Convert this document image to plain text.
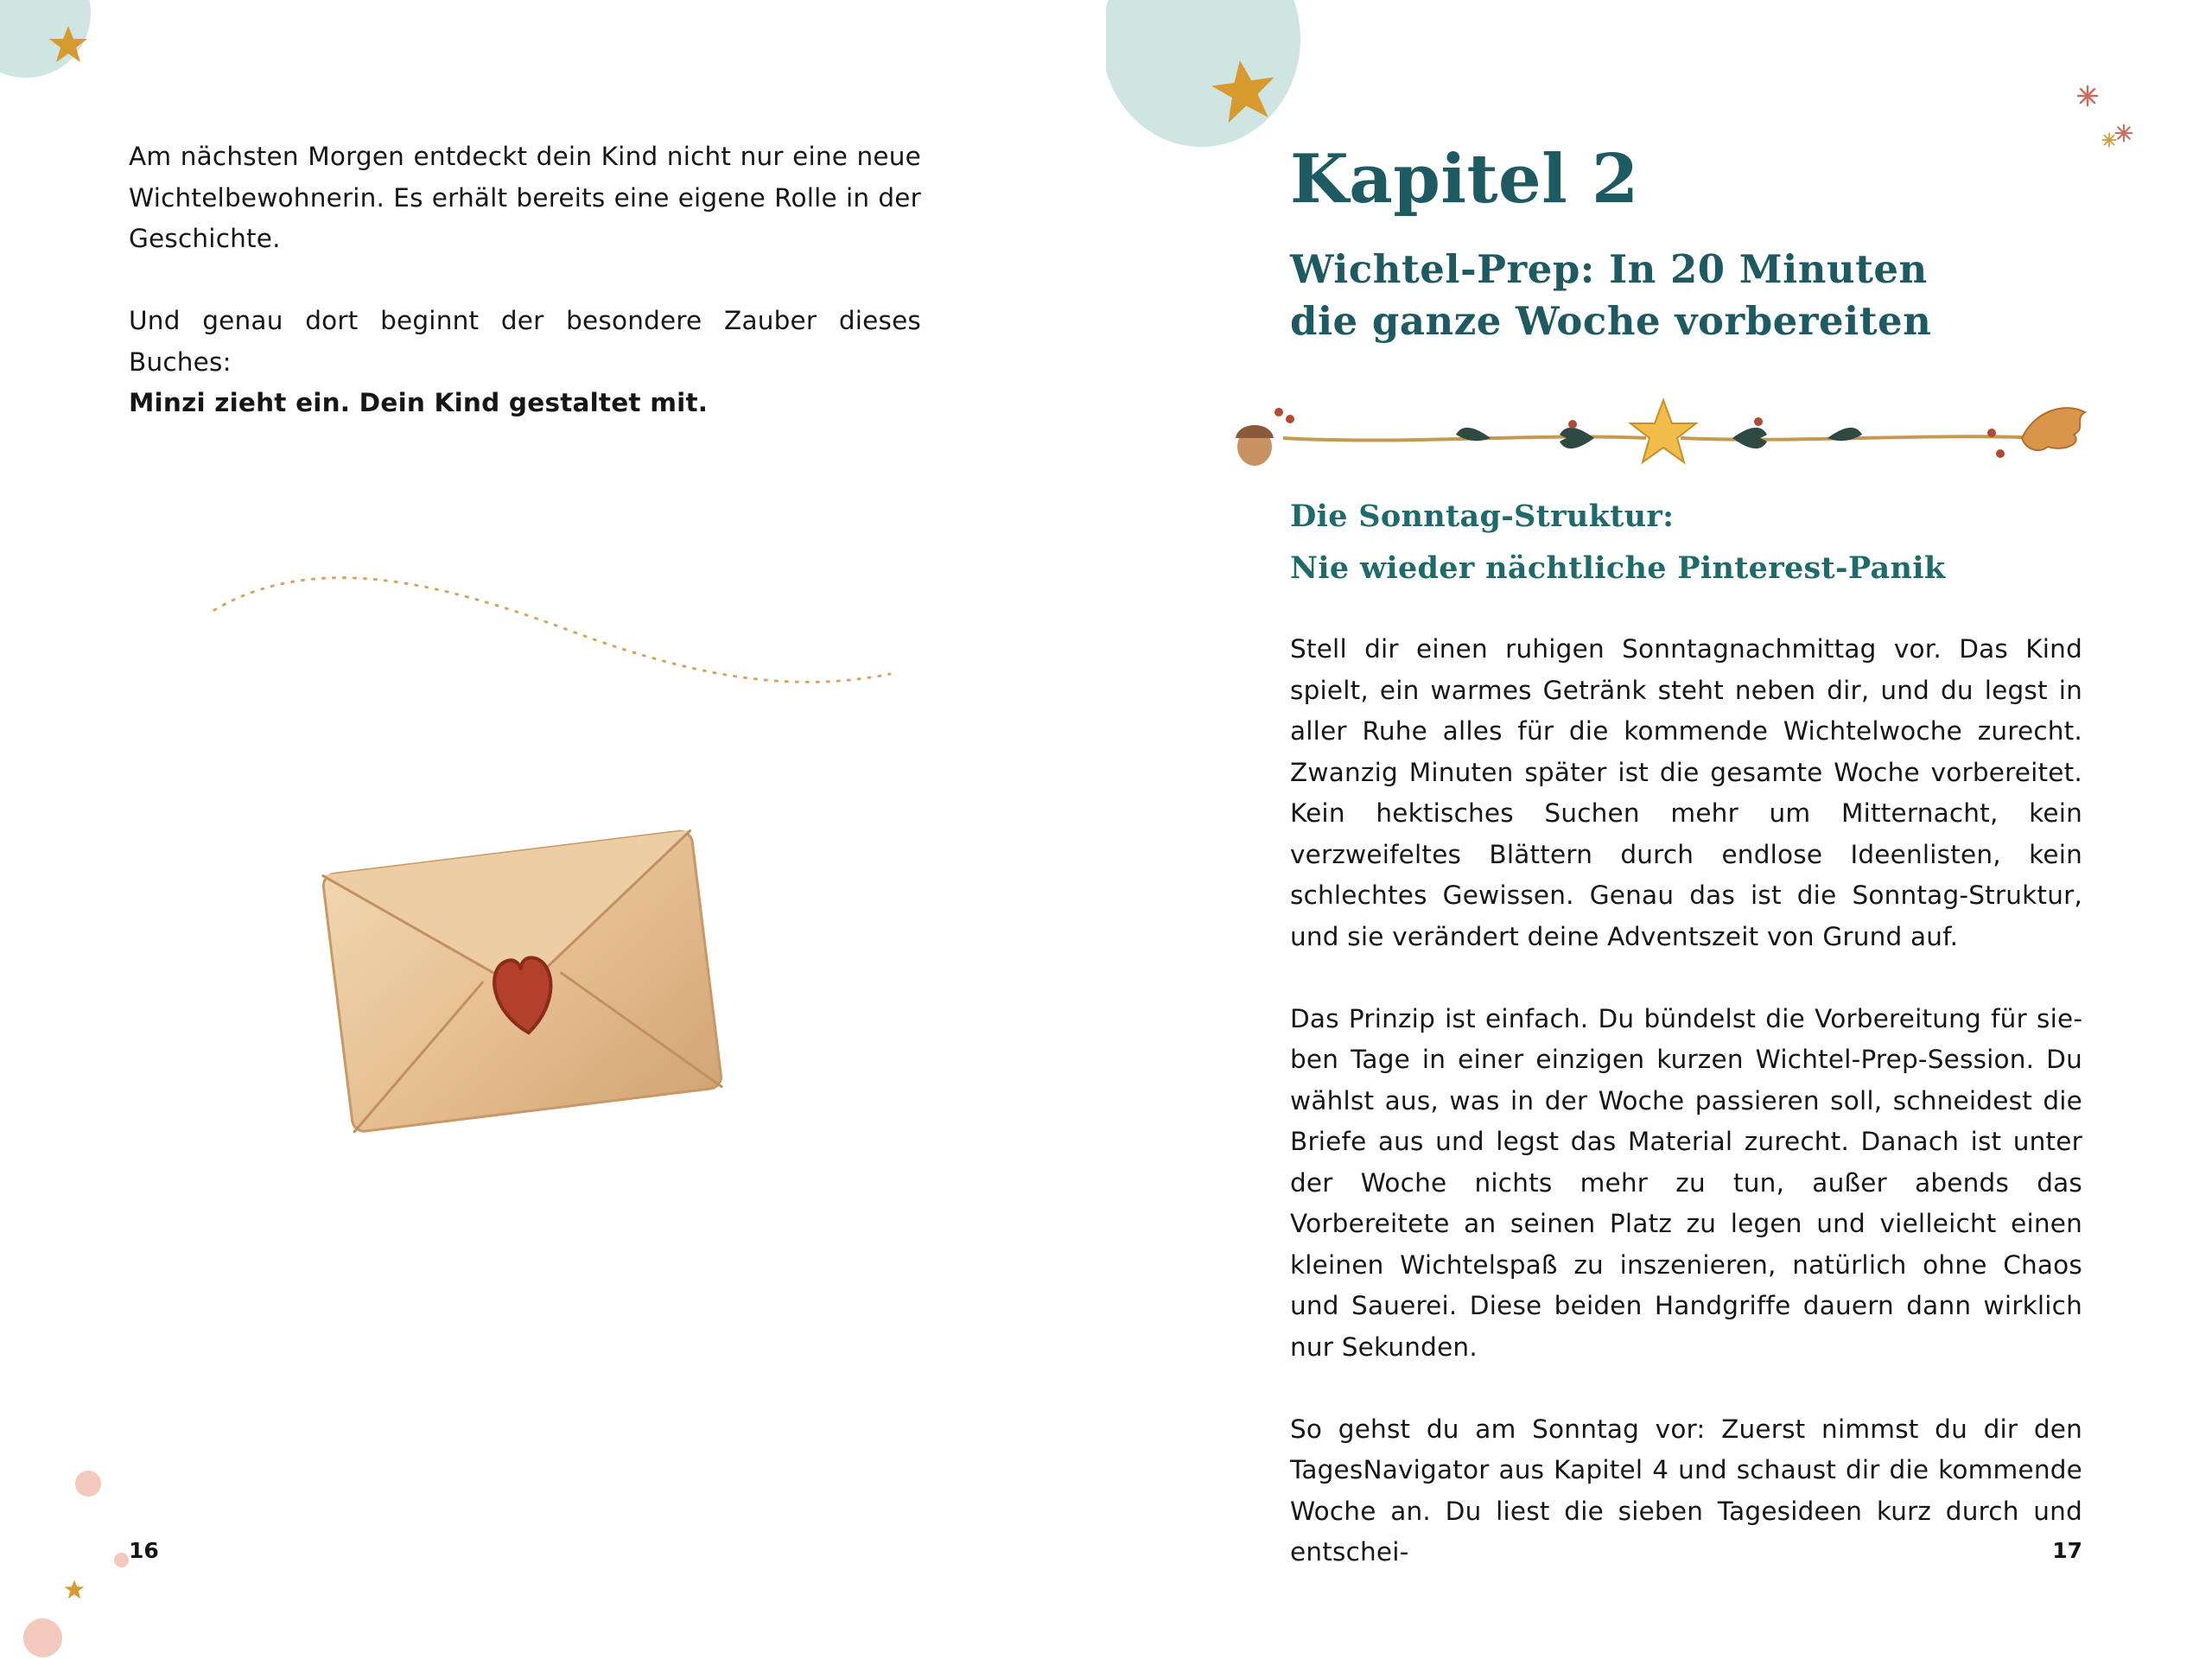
Am nächsten Morgen entdeckt dein Kind nicht nur eine neue Wichtelbewohnerin. Es erhält bereits eine eigene Rolle in der Geschichte.

Und genau dort beginnt der besondere Zauber dieses Buches:
Minzi zieht ein. Dein Kind gestaltet mit.

16
Kapitel 2
Wichtel-Prep: In 20 Minuten
die ganze Woche vorbereiten
Die Sonntag-Struktur:
Nie wieder nächtliche Pinterest-Panik

Stell dir einen ruhigen Sonntagnachmittag vor. Das Kind spielt, ein warmes Getränk steht neben dir, und du legst in aller Ruhe alles für die kommende Wichtelwoche zurecht. Zwanzig Minuten später ist die gesamte Woche vorbereitet. Kein hektisches Suchen mehr um Mitternacht, kein verzweifeltes Blättern durch endlose Ideenlisten, kein schlechtes Gewissen. Genau das ist die Sonntag-Struktur, und sie verändert deine Adventszeit von Grund auf.

Das Prinzip ist einfach. Du bündelst die Vorbereitung für sieben Tage in einer einzigen kurzen Wichtel-Prep-Session. Du wählst aus, was in der Woche passieren soll, schneidest die Briefe aus und legst das Material zurecht. Danach ist unter der Woche nichts mehr zu tun, außer abends das Vorbereitete an seinen Platz zu legen und vielleicht einen kleinen Wichtelspaß zu inszenieren, natürlich ohne Chaos und Sauerei. Diese beiden Handgriffe dauern dann wirklich nur Sekunden.

So gehst du am Sonntag vor: Zuerst nimmst du dir den TagesNavigator aus Kapitel 4 und schaust dir die kommende Woche an. Du liest die sieben Tagesideen kurz durch und entschei-	17
